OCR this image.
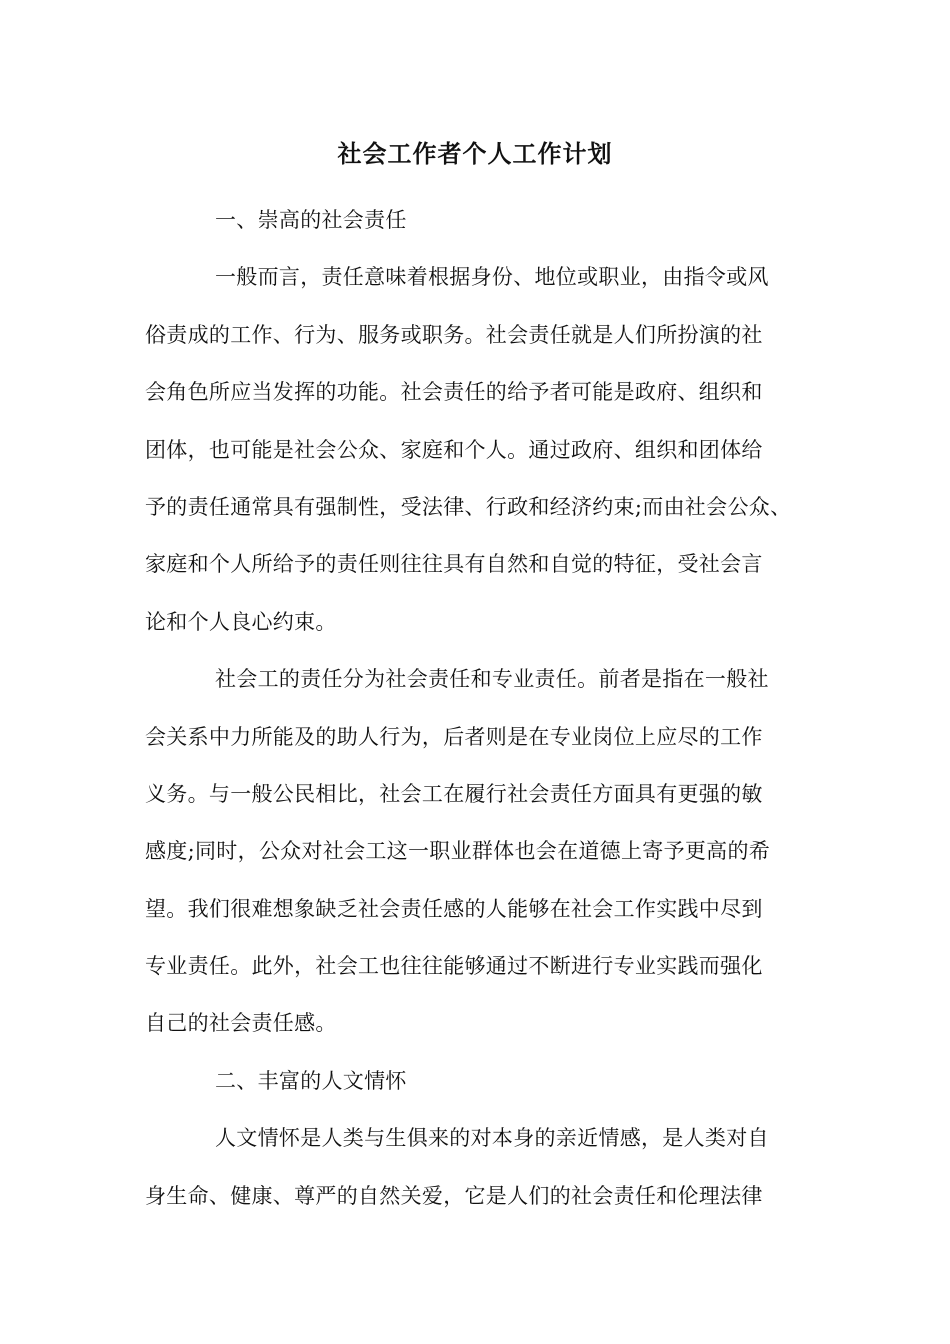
社会工作者个人工作计划
一、崇高的社会责任
一般而言，责任意味着根据身份、地位或职业，由指令或风
俗责成的工作、行为、服务或职务。社会责任就是人们所扮演的社
会角色所应当发挥的功能。社会责任的给予者可能是政府、组织和
团体，也可能是社会公众、家庭和个人。通过政府、组织和团体给
予的责任通常具有强制性，受法律、行政和经济约束;而由社会公众、
家庭和个人所给予的责任则往往具有自然和自觉的特征，受社会言
论和个人良心约束。
社会工的责任分为社会责任和专业责任。前者是指在一般社
会关系中力所能及的助人行为，后者则是在专业岗位上应尽的工作
义务。与一般公民相比，社会工在履行社会责任方面具有更强的敏
感度;同时，公众对社会工这一职业群体也会在道德上寄予更高的希
望。我们很难想象缺乏社会责任感的人能够在社会工作实践中尽到
专业责任。此外，社会工也往往能够通过不断进行专业实践而强化
自己的社会责任感。
二、丰富的人文情怀
人文情怀是人类与生俱来的对本身的亲近情感，是人类对自
身生命、健康、尊严的自然关爱，它是人们的社会责任和伦理法律
